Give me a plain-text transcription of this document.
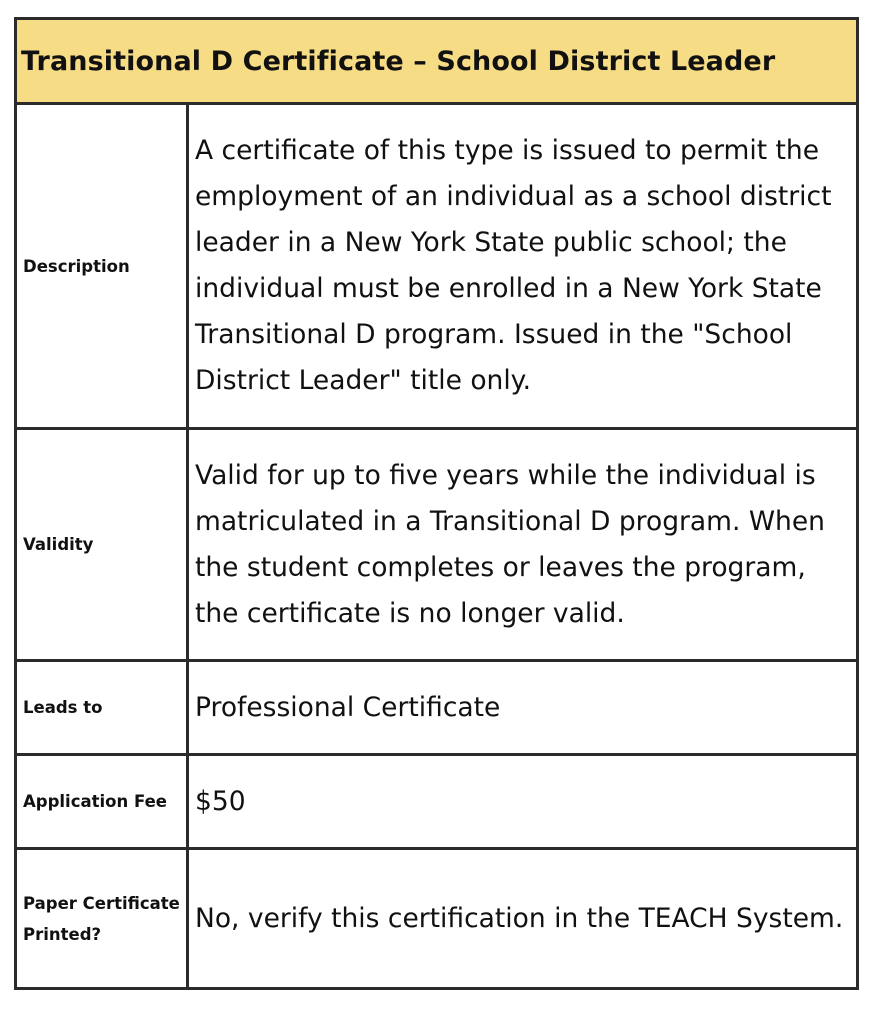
Transitional D Certificate – School District Leader	
Description	A certificate of this type is issued to permit the employment of an individual as a school district leader in a New York State public school; the individual must be enrolled in a New York State Transitional D program. Issued in the "School District Leader" title only.
Validity	Valid for up to five years while the individual is matriculated in a Transitional D program. When the student completes or leaves the program, the certificate is no longer valid.
Leads to	Professional Certificate
Application Fee	$50
Paper Certificate Printed?	No, verify this certification in the TEACH System.
